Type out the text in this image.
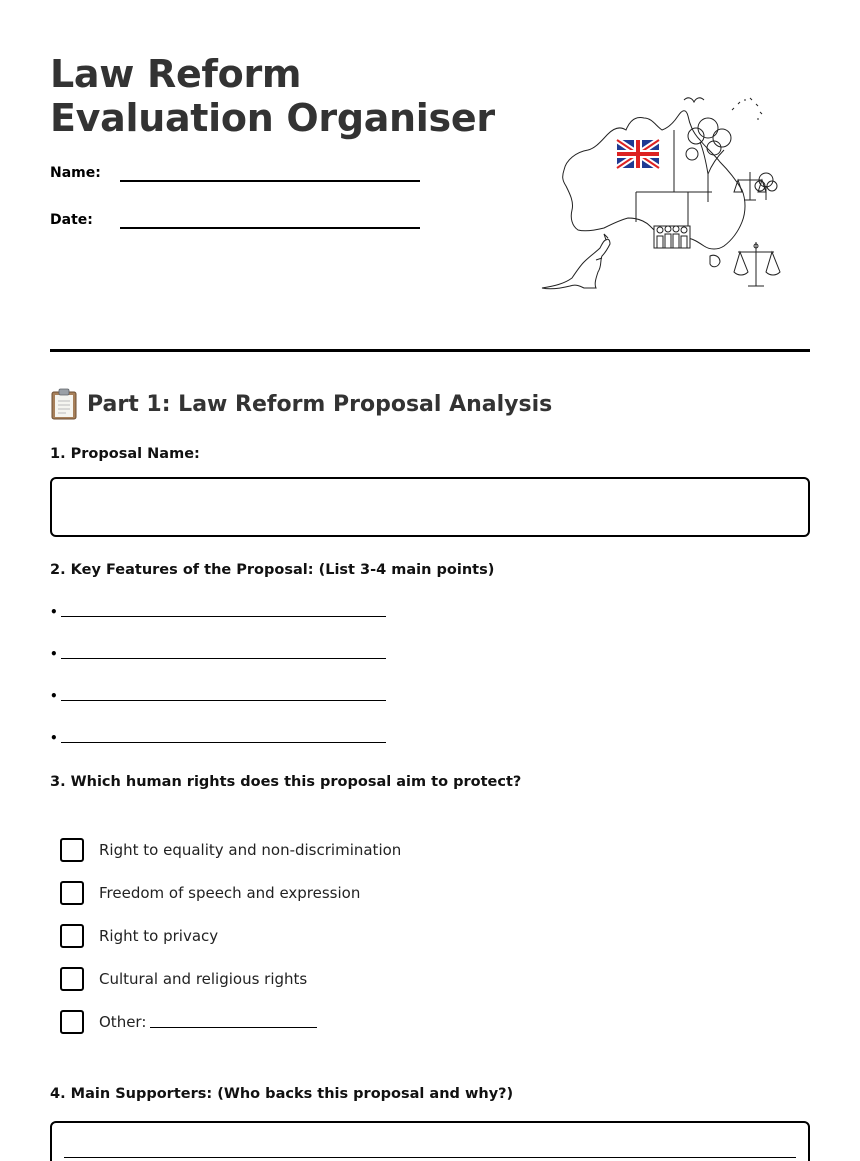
Law Reform Evaluation Organiser
Name:
Date:
Part 1: Law Reform Proposal Analysis
1. Proposal Name:
2. Key Features of the Proposal: (List 3-4 main points)
•
•
•
•
3. Which human rights does this proposal aim to protect?
Right to equality and non-discrimination
Freedom of speech and expression
Right to privacy
Cultural and religious rights
Other:
4. Main Supporters: (Who backs this proposal and why?)
